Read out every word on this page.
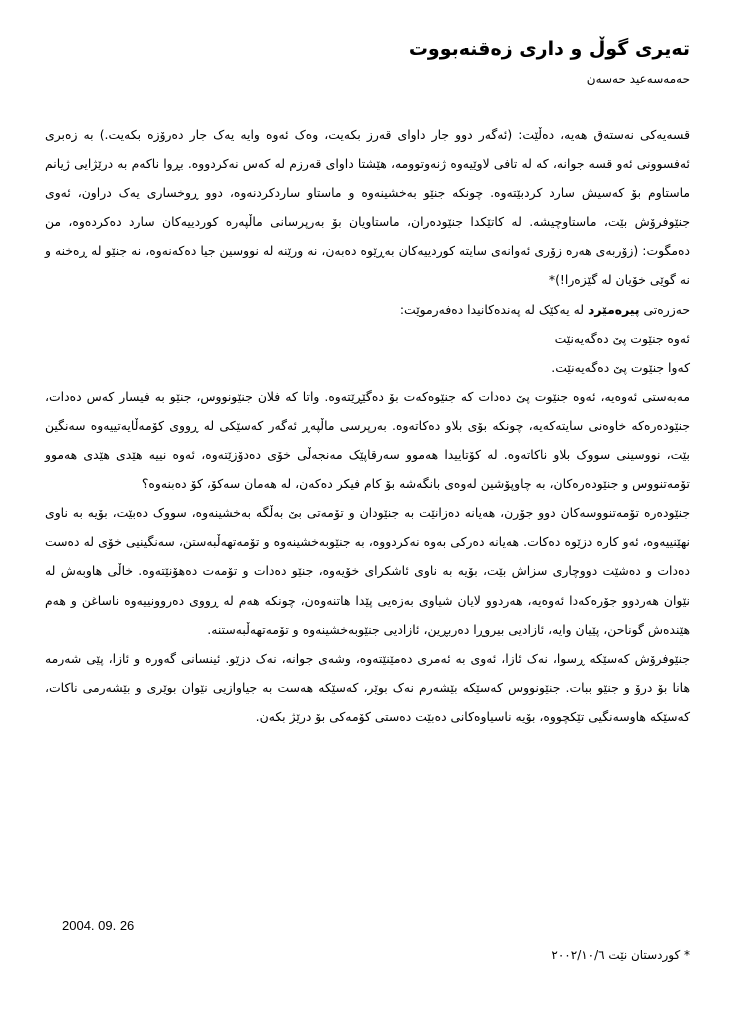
تەیری گوڵ و داری زەقنەبووت
حەمەسەعید حەسەن

قسەیەکی نەستەق هەیە، دەڵێت: (ئەگەر دوو جار داوای قەرز بکەیت، وەک ئەوە وایە یەک جار دەرۆزە بکەیت.) بە زەبری ئەفسوونی ئەو قسە جوانە، کە لە تافی لاوێیەوە ژنەوتوومە، هێشتا داوای قەرزم لە کەس نەکردووە. بڕوا ناکەم بە درێژایی ژیانم ماستاوم بۆ کەسیش سارد کردبێتەوە. چونکە جنێو بەخشینەوە و ماستاو ساردکردنەوە، دوو ڕوخساری یەک دراون، ئەوی جنێوفرۆش بێت، ماستاوچیشە. لە کاتێکدا جنێودەران، ماستاویان بۆ بەرپرسانی ماڵپەرە کوردییەکان سارد دەکردەوە، من دەمگوت: (زۆربەی هەرە زۆری ئەوانەی سایتە کوردییەکان بەڕێوە دەبەن، نە ورێنە لە نووسین جیا دەکەنەوە، نە جنێو لە ڕەخنە و نە گوێی خۆیان لە گێزەرا!)*

حەزرەتی پیرەمێرد لە یەکێک لە پەندەکانیدا دەفەرموێت:

ئەوە جنێوت پێ دەگەیەنێت

کەوا جنێوت پێ دەگەیەنێت.

مەبەستی ئەوەیە، ئەوە جنێوت پێ دەدات کە جنێوەکەت بۆ دەگێڕێتەوە. واتا کە فلان جنێونووس، جنێو بە فیسار کەس دەدات، جنێودەرەکە خاوەنی سایتەکەیە، چونکە بۆی بلاو دەکاتەوە. بەرپرسی ماڵپەڕ ئەگەر کەسێکی لە ڕووی کۆمەڵایەتییەوە سەنگین بێت، نووسینی سووک بلاو ناکاتەوە. لە کۆتاییدا هەموو سەرقاپێک مەنجەڵی خۆی دەدۆزێتەوە، ئەوە نییە هێدی هێدی هەموو تۆمەتنووس و جنێودەرەکان، بە چاوپۆشین لەوەی بانگەشە بۆ کام فیکر دەکەن، لە هەمان سەکۆ، کۆ دەبنەوە؟

جنێودەرە تۆمەتنووسەکان دوو جۆرن، هەیانە دەزانێت بە جنێودان و تۆمەتی بێ بەڵگە بەخشینەوە، سووک دەبێت، بۆیە بە ناوی نهێنییەوە، ئەو کارە دزێوە دەکات. هەیانە دەرکی بەوە نەکردووە، بە جنێوبەخشینەوە و تۆمەتهەڵبەستن، سەنگینیی خۆی لە دەست دەدات و دەشێت دووچاری سزاش بێت، بۆیە بە ناوی ئاشکرای خۆیەوە، جنێو دەدات و تۆمەت دەهۆنێتەوە. خاڵی هاوبەش لە نێوان هەردوو جۆرەکەدا ئەوەیە، هەردوو لایان شیاوی بەزەیی پێدا هاتنەوەن، چونکە هەم لە ڕووی دەروونییەوە ناساغن و هەم هێندەش گوناحن، پێیان وایە، ئازادیی بیروڕا دەربڕین، ئازادیی جنێوبەخشینەوە و تۆمەتهەڵبەستنە.

جنێوفرۆش کەسێکە ڕسوا، نەک ئازا، ئەوی بە ئەمری دەمێنێتەوە، وشەی جوانە، نەک دزێو. ئینسانی گەورە و ئازا، پێی شەرمە هانا بۆ درۆ و جنێو ببات. جنێونووس کەسێکە بێشەرم نەک بوێر، کەسێکە هەست بە جیاوازیی نێوان بوێری و بێشەرمی ناکات، کەسێکە هاوسەنگیی تێکچووە، بۆیە ناسیاوەکانی دەبێت دەستی کۆمەکی بۆ درێژ بکەن.

2004. 09. 26
* کوردستان نێت ٢٠٠٢/١٠/٦
